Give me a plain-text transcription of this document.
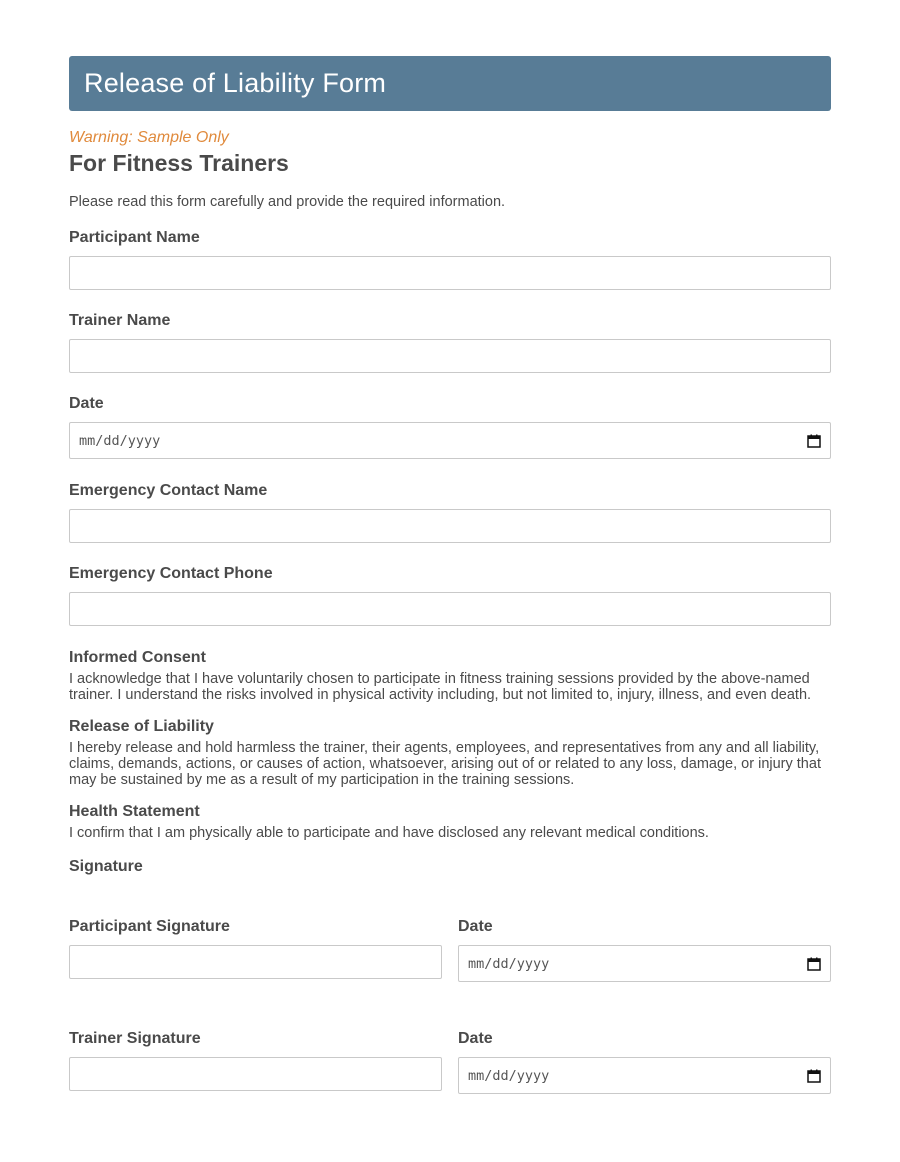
Release of Liability Form
Warning: Sample Only
For Fitness Trainers
Please read this form carefully and provide the required information.
Participant Name
Trainer Name
Date
mm/dd/yyyy
Emergency Contact Name
Emergency Contact Phone
Informed Consent
I acknowledge that I have voluntarily chosen to participate in fitness training sessions provided by the above-named trainer. I understand the risks involved in physical activity including, but not limited to, injury, illness, and even death.
Release of Liability
I hereby release and hold harmless the trainer, their agents, employees, and representatives from any and all liability, claims, demands, actions, or causes of action, whatsoever, arising out of or related to any loss, damage, or injury that may be sustained by me as a result of my participation in the training sessions.
Health Statement
I confirm that I am physically able to participate and have disclosed any relevant medical conditions.
Signature
Participant Signature	Date
mm/dd/yyyy
Trainer Signature	Date
mm/dd/yyyy
